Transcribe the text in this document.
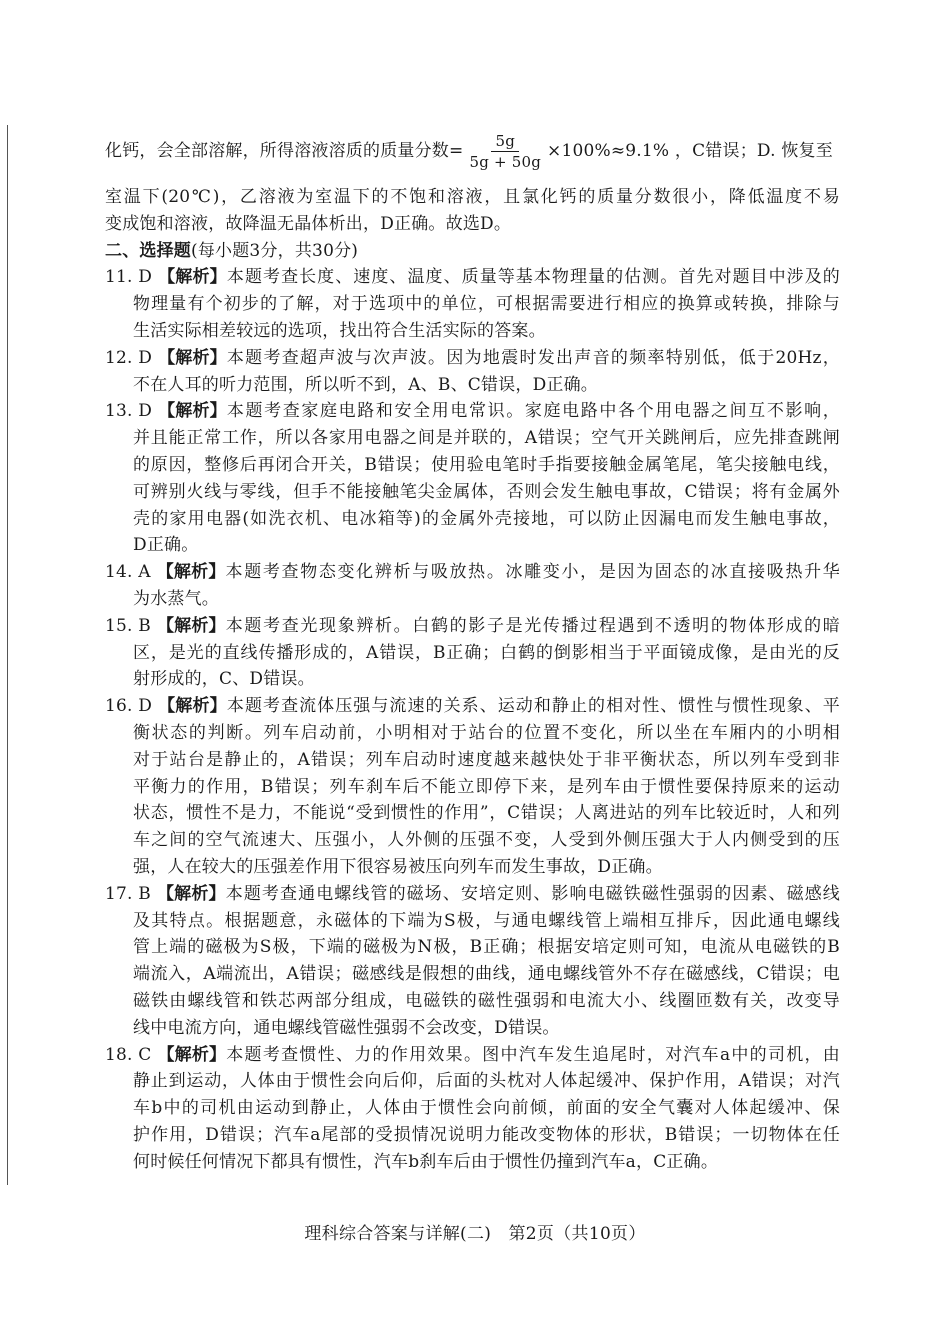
化钙，会全部溶解，所得溶液溶质的质量分数= $\frac{5g}{5g + 50g} \times 100\%\approx 9.1\%$ ，C错误；D. 恢复至
室温下(20℃)，乙溶液为室温下的不饱和溶液，且氯化钙的质量分数很小，降低温度不易
变成饱和溶液，故降温无晶体析出，D正确。故选D。
二、选择题(每小题3分，共30分)
11. D 【解析】 本题考查长度、速度、温度、质量等基本物理量的估测。首先对题目中涉及的
物理量有个初步的了解，对于选项中的单位，可根据需要进行相应的换算或转换，排除与
生活实际相差较远的选项，找出符合生活实际的答案。
12. D 【解析】 本题考查超声波与次声波。因为地震时发出声音的频率特别低，低于20Hz，
不在人耳的听力范围，所以听不到，A、B、C错误，D正确。
13. D 【解析】 本题考查家庭电路和安全用电常识。家庭电路中各个用电器之间互不影响，
并且能正常工作，所以各家用电器之间是并联的，A错误；空气开关跳闸后，应先排查跳闸
的原因，整修后再闭合开关，B错误；使用验电笔时手指要接触金属笔尾，笔尖接触电线，
可辨别火线与零线，但手不能接触笔尖金属体，否则会发生触电事故，C错误；将有金属外
壳的家用电器(如洗衣机、电冰箱等)的金属外壳接地，可以防止因漏电而发生触电事故，
D正确。
14. A 【解析】 本题考查物态变化辨析与吸放热。冰雕变小，是因为固态的冰直接吸热升华
为水蒸气。
15. B 【解析】 本题考查光现象辨析。白鹤的影子是光传播过程遇到不透明的物体形成的暗
区，是光的直线传播形成的，A错误，B正确；白鹤的倒影相当于平面镜成像，是由光的反
射形成的，C、D错误。
16. D 【解析】 本题考查流体压强与流速的关系、运动和静止的相对性、惯性与惯性现象、平
衡状态的判断。列车启动前，小明相对于站台的位置不变化，所以坐在车厢内的小明相
对于站台是静止的，A错误；列车启动时速度越来越快处于非平衡状态，所以列车受到非
平衡力的作用，B错误；列车刹车后不能立即停下来，是列车由于惯性要保持原来的运动
状态，惯性不是力，不能说“受到惯性的作用”，C错误；人离进站的列车比较近时，人和列
车之间的空气流速大、压强小，人外侧的压强不变，人受到外侧压强大于人内侧受到的压
强，人在较大的压强差作用下很容易被压向列车而发生事故，D正确。
17. B 【解析】 本题考查通电螺线管的磁场、安培定则、影响电磁铁磁性强弱的因素、磁感线
及其特点。根据题意，永磁体的下端为S极，与通电螺线管上端相互排斥，因此通电螺线
管上端的磁极为S极，下端的磁极为N极，B正确；根据安培定则可知，电流从电磁铁的B
端流入，A端流出，A错误；磁感线是假想的曲线，通电螺线管外不存在磁感线，C错误；电
磁铁由螺线管和铁芯两部分组成，电磁铁的磁性强弱和电流大小、线圈匝数有关，改变导
线中电流方向，通电螺线管磁性强弱不会改变，D错误。
18. C 【解析】 本题考查惯性、力的作用效果。图中汽车发生追尾时，对汽车a中的司机，由
静止到运动，人体由于惯性会向后仰，后面的头枕对人体起缓冲、保护作用，A错误；对汽
车b中的司机由运动到静止，人体由于惯性会向前倾，前面的安全气囊对人体起缓冲、保
护作用，D错误；汽车a尾部的受损情况说明力能改变物体的形状，B错误；一切物体在任
何时候任何情况下都具有惯性，汽车b刹车后由于惯性仍撞到汽车a，C正确。
理科综合答案与详解(二)　第2页（共10页）
